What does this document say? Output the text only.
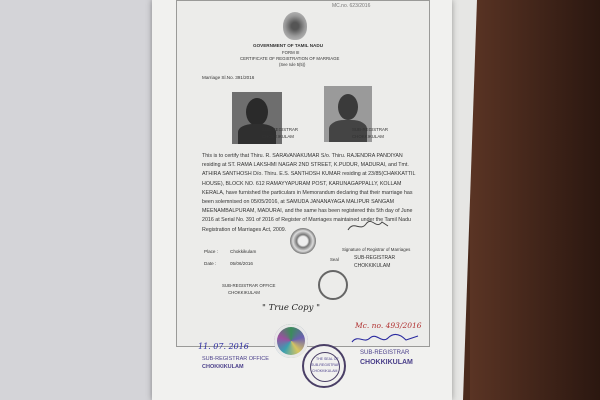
MC.no. 623/2016
GOVERNMENT OF TAMIL NADU
FORM III
CERTIFICATE OF REGISTRATION OF MARRIAGE
(See rule 5(5))
Marriage Sl.No. 391/2016
SUB-REGISTRAR
CHOKKIKULAM
SUB-REGISTRAR
CHOKKIKULAM
This is to certify that Thiru. R. SARAVANAKUMAR S/o. Thiru. RAJENDRA PANDIYAN
residing at ST. RAMA LAKSHMI NAGAR 2ND STREET, K.PUDUR, MADURAI, and Tmt.
ATHIRA SANTHOSH D/o. Thiru. E.S. SANTHOSH KUMAR residing at 23/85(CHAKKATTIL
HOUSE), BLOCK NO. 612 RAMAYYAPURAM POST, KARUNAGAPPALLY, KOLLAM
KERALA, have furnished the particulars in Memorandum declaring that their marriage has
been solemnised on 05/05/2016, at SAMUDA JANANAYAGA MALIPUR SANGAM
MEENAMBALPURAM, MADURAI, and the same has been registered this 5th day of June
2016 at Serial No. 391 of 2016 of Register of Marriages maintained under the Tamil Nadu
Registration of Marriages Act, 2009.
Signature of Registrar of Marriages
Seal	SUB-REGISTRAR
CHOKKIKULAM
Place :	Chokkikulam
Date :	05/06/2016
SUB-REGISTRAR OFFICE
CHOKKIKULAM
" True Copy "
Mc. no. 493/2016
11. 07. 2016
SUB-REGISTRAR OFFICE
CHOKKIKULAM
THE SEAL OF
SUB-REGISTRAR
CHOKKIKULAM
SUB-REGISTRAR
CHOKKIKULAM
